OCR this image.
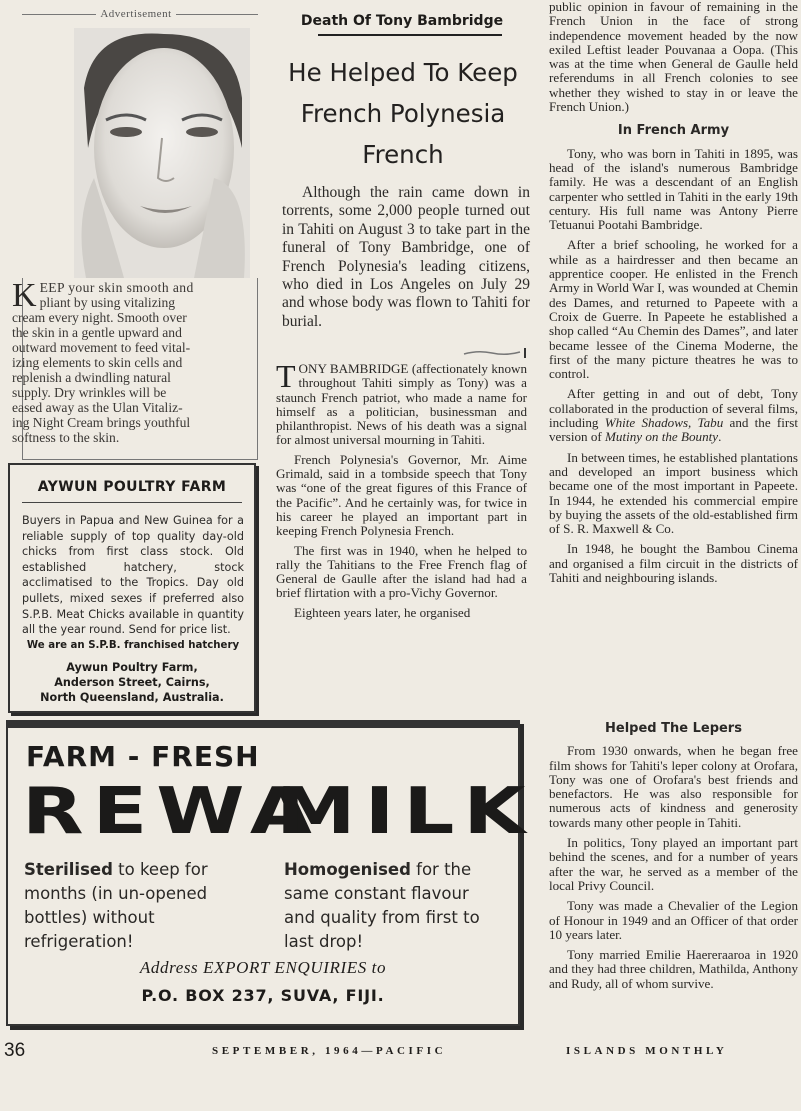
Advertisement
K EEP your skin smooth and
pliant by using vitalizing
cream every night. Smooth over
the skin in a gentle upward and
outward movement to feed vital-
izing elements to skin cells and
replenish a dwindling natural
supply. Dry wrinkles will be
eased away as the Ulan Vitaliz-
ing Night Cream brings youthful
softness to the skin.
AYWUN POULTRY FARM

Buyers in Papua and New Guinea for a reliable supply of top quality day-old chicks from first class stock. Old established hatchery, stock acclimatised to the Tropics. Day old pullets, mixed sexes if preferred also S.P.B. Meat Chicks available in quantity all the year round. Send for price list.

We are an S.P.B. franchised hatchery
Aywun Poultry Farm,
Anderson Street, Cairns,
North Queensland, Australia.
FARM - FRESH
REWA
MILK

Sterilised to keep for months (in un-opened bottles) without refrigeration!

Homogenised for the same constant flavour and quality from first to last drop!

Address EXPORT ENQUIRIES to
P.O. BOX 237, SUVA, FIJI.
Death Of Tony Bambridge
He Helped To Keep
French Polynesia
French

Although the rain came down in torrents, some 2,000 people turned out in Tahiti on August 3 to take part in the funeral of Tony Bambridge, one of French Polynesia's leading citizens, who died in Los Angeles on July 29 and whose body was flown to Tahiti for burial.

TONY BAMBRIDGE (affectionately known throughout Tahiti simply as Tony) was a staunch French patriot, who made a name for himself as a politician, businessman and philanthropist. News of his death was a signal for almost universal mourning in Tahiti.

French Polynesia's Governor, Mr. Aime Grimald, said in a tombside speech that Tony was “one of the great figures of this France of the Pacific”. And he certainly was, for twice in his career he played an important part in keeping French Polynesia French.

The first was in 1940, when he helped to rally the Tahitians to the Free French flag of General de Gaulle after the island had had a brief flirtation with a pro-Vichy Governor.

Eighteen years later, he organised

public opinion in favour of remaining in the French Union in the face of strong independence movement headed by the now exiled Leftist leader Pouvanaa a Oopa. (This was at the time when General de Gaulle held referendums in all French colonies to see whether they wished to stay in or leave the French Union.)

In French Army

Tony, who was born in Tahiti in 1895, was head of the island's numerous Bambridge family. He was a descendant of an English carpenter who settled in Tahiti in the early 19th century. His full name was Antony Pierre Tetuanui Pootahi Bambridge.

After a brief schooling, he worked for a while as a hairdresser and then became an apprentice cooper. He enlisted in the French Army in World War I, was wounded at Chemin des Dames, and returned to Papeete with a Croix de Guerre. In Papeete he established a shop called “Au Chemin des Dames”, and later became lessee of the Cinema Moderne, the first of the many picture theatres he was to control.

After getting in and out of debt, Tony collaborated in the production of several films, including White Shadows, Tabu and the first version of Mutiny on the Bounty.

In between times, he established plantations and developed an import business which became one of the most important in Papeete. In 1944, he extended his commercial empire by buying the assets of the old-established firm of S. R. Maxwell & Co.

In 1948, he bought the Bambou Cinema and organised a film circuit in the districts of Tahiti and neighbouring islands.

Helped The Lepers

From 1930 onwards, when he began free film shows for Tahiti's leper colony at Orofara, Tony was one of Orofara's best friends and benefactors. He was also responsible for numerous acts of kindness and generosity towards many other people in Tahiti.

In politics, Tony played an important part behind the scenes, and for a number of years after the war, he served as a member of the local Privy Council.

Tony was made a Chevalier of the Legion of Honour in 1949 and an Officer of that order 10 years later.

Tony married Emilie Haereraaroa in 1920 and they had three children, Mathilda, Anthony and Rudy, all of whom survive.

36	SEPTEMBER, 1964—PACIFIC	ISLANDS MONTHLY
